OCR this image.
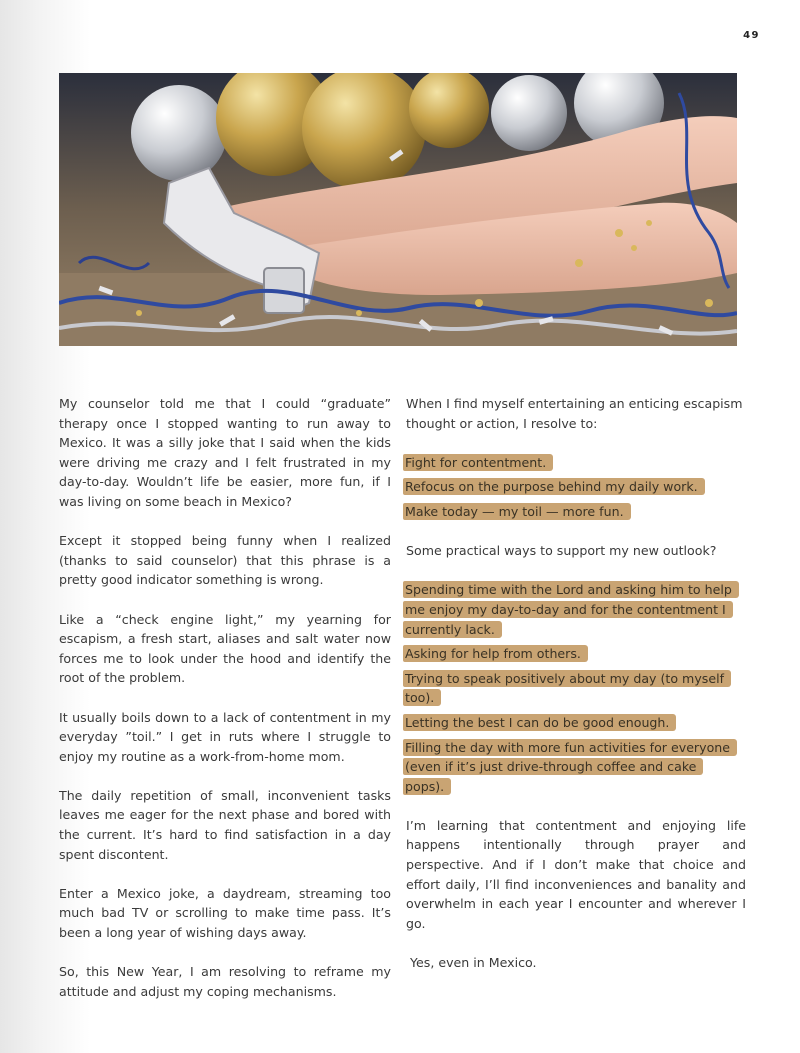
49

My counselor told me that I could “graduate” therapy once I stopped wanting to run away to Mexico. It was a silly joke that I said when the kids were driving me crazy and I felt frustrated in my day-to-day. Wouldn’t life be easier, more fun, if I was living on some beach in Mexico?

Except it stopped being funny when I realized (thanks to said counselor) that this phrase is a pretty good indicator something is wrong.

Like a “check engine light,” my yearning for escapism, a fresh start, aliases and salt water now forces me to look under the hood and identify the root of the problem.

It usually boils down to a lack of contentment in my everyday ”toil.” I get in ruts where I struggle to enjoy my routine as a work-from-home mom.

The daily repetition of small, inconvenient tasks leaves me eager for the next phase and bored with the current. It’s hard to find satisfaction in a day spent discontent.

Enter a Mexico joke, a daydream, streaming too much bad TV or scrolling to make time pass. It’s been a long year of wishing days away.

So, this New Year, I am resolving to reframe my attitude and adjust my coping mechanisms.

When I find myself entertaining an enticing escapism thought or action, I resolve to:

Fight for contentment.
Refocus on the purpose behind my daily work.
Make today — my toil — more fun.

Some practical ways to support my new outlook?

Spending time with the Lord and asking him to help me enjoy my day-to-day and for the contentment I currently lack.
Asking for help from others.
Trying to speak positively about my day (to myself too).
Letting the best I can do be good enough.
Filling the day with more fun activities for everyone (even if it’s just drive-through coffee and cake pops).

I’m learning that contentment and enjoying life happens intentionally through prayer and perspective. And if I don’t make that choice and effort daily, I’ll find inconveniences and banality and overwhelm in each year I encounter and wherever I go.

Yes, even in Mexico.
